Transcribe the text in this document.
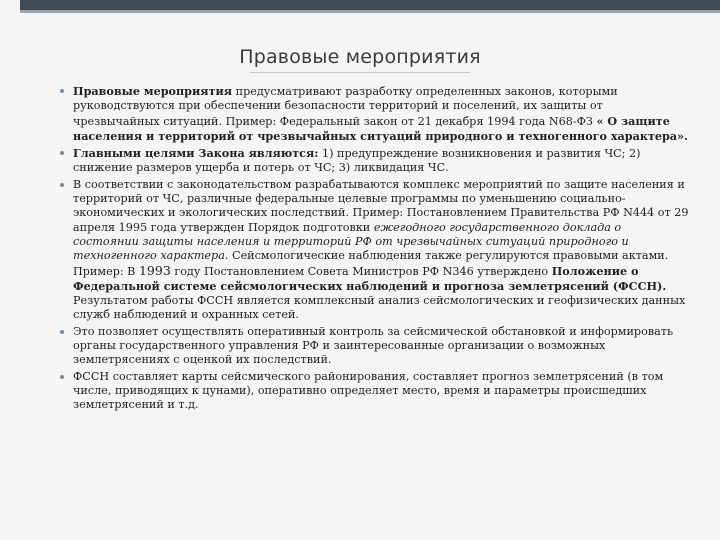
Правовые мероприятия
Правовые мероприятия предусматривают разработку определенных законов, которыми руководствуются при обеспечении безопасности территорий и поселений, их защиты от чрезвычайных ситуаций. Пример: Федеральный закон от 21 декабря 1994 года N68-ФЗ « О защите населения и территорий от чрезвычайных ситуаций природного и техногенного характера».
Главными целями Закона являются: 1) предупреждение возникновения и развития ЧС; 2) снижение размеров ущерба и потерь от ЧС; 3) ликвидация ЧС.
В соответствии с законодательством разрабатываются комплекс мероприятий по защите населения и территорий от ЧС, различные федеральные целевые программы по уменьшению социально-экономических и экологических последствий. Пример: Постановлением Правительства РФ N444 от 29 апреля 1995 года утвержден Порядок подготовки ежегодного государственного доклада о состоянии защиты населения и территорий РФ от чрезвычайных ситуаций природного и техногенного характера. Сейсмологические наблюдения также регулируются правовыми актами. Пример: В 1993 году Постановлением Совета Министров РФ N346 утверждено Положение о Федеральной системе сейсмологических наблюдений и прогноза землетрясений (ФССН). Результатом работы ФССН является комплексный анализ сейсмологических и геофизических данных служб наблюдений и охранных сетей.
Это позволяет осуществлять оперативный контроль за сейсмической обстановкой и информировать органы государственного управления РФ и заинтересованные организации о возможных землетрясениях с оценкой их последствий.
ФССН составляет карты сейсмического районирования, составляет прогноз землетрясений (в том числе, приводящих к цунами), оперативно определяет место, время и параметры происшедших землетрясений и т.д.
